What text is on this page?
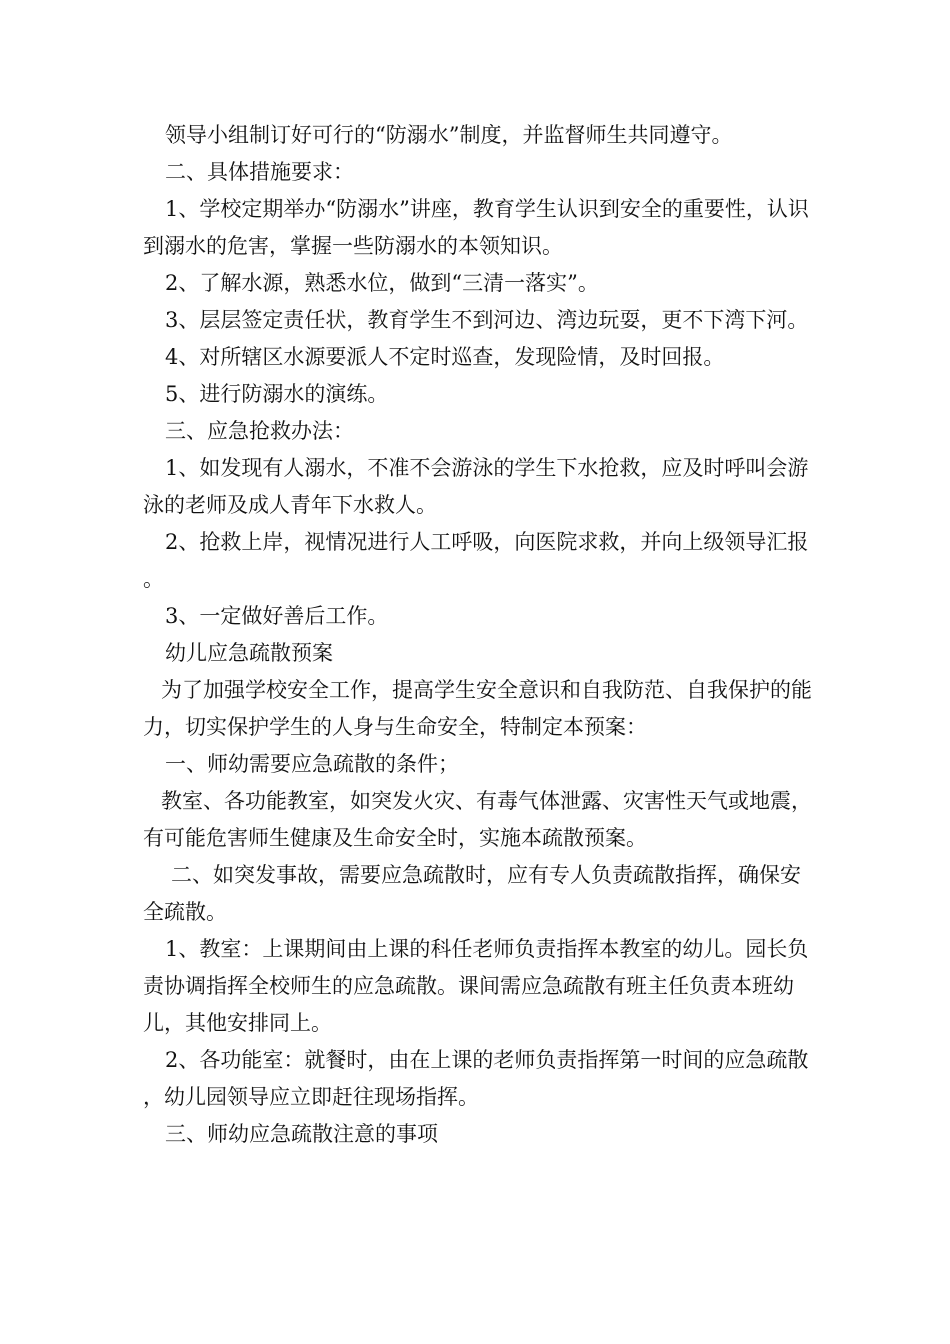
领导小组制订好可行的“防溺水”制度，并监督师生共同遵守。

二、具体措施要求：

1、学校定期举办“防溺水”讲座，教育学生认识到安全的重要性，认识到溺水的危害，掌握一些防溺水的本领知识。

2、了解水源，熟悉水位，做到“三清一落实”。

3、层层签定责任状，教育学生不到河边、湾边玩耍，更不下湾下河。

4、对所辖区水源要派人不定时巡查，发现险情，及时回报。

5、进行防溺水的演练。

三、应急抢救办法：

1、如发现有人溺水，不准不会游泳的学生下水抢救，应及时呼叫会游泳的老师及成人青年下水救人。

2、抢救上岸，视情况进行人工呼吸，向医院求救，并向上级领导汇报。

3、一定做好善后工作。

幼儿应急疏散预案

为了加强学校安全工作，提高学生安全意识和自我防范、自我保护的能力，切实保护学生的人身与生命安全，特制定本预案：

一、师幼需要应急疏散的条件；

教室、各功能教室，如突发火灾、有毒气体泄露、灾害性天气或地震，有可能危害师生健康及生命安全时，实施本疏散预案。

二、如突发事故，需要应急疏散时，应有专人负责疏散指挥，确保安全疏散。

1、教室：上课期间由上课的科任老师负责指挥本教室的幼儿。园长负责协调指挥全校师生的应急疏散。课间需应急疏散有班主任负责本班幼儿，其他安排同上。

2、各功能室：就餐时，由在上课的老师负责指挥第一时间的应急疏散，幼儿园领导应立即赶往现场指挥。

三、师幼应急疏散注意的事项
